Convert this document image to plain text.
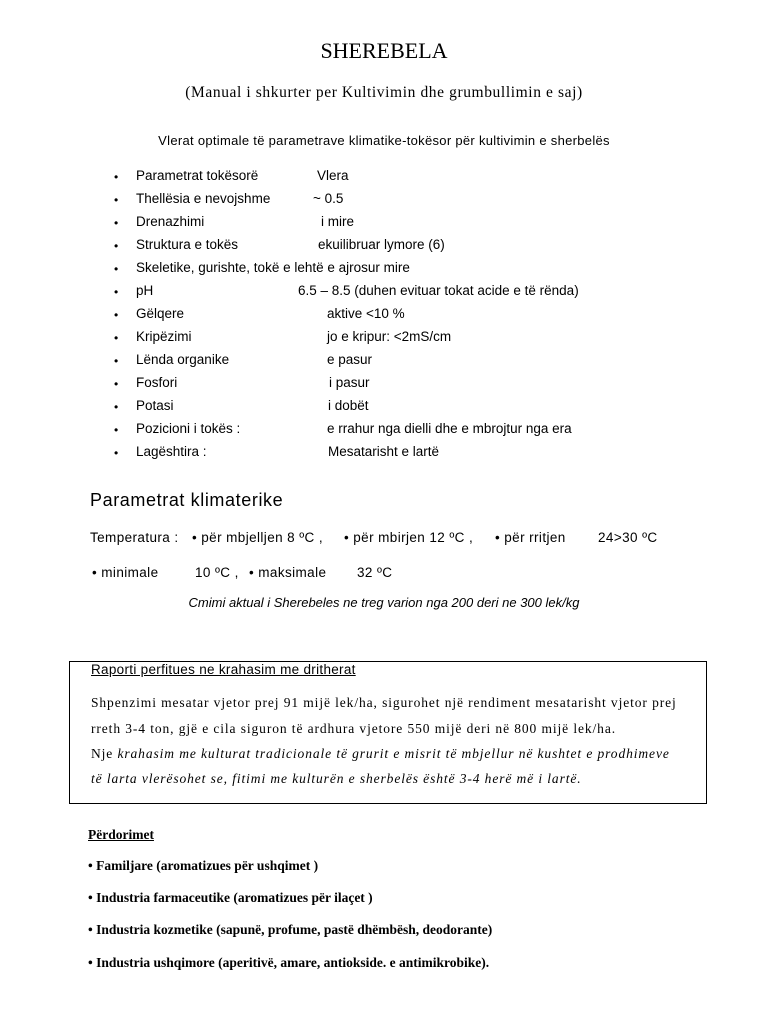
SHEREBELA
(Manual i shkurter per Kultivimin dhe grumbullimin e saj)
Vlerat optimale të parametrave klimatike-tokësor për kultivimin e sherbelës
• Parametrat tokësorë	Vlera
• Thellësia e nevojshme	~ 0.5
• Drenazhimi	i mire
• Struktura e tokës	ekuilibruar lymore (6)
• Skeletike, gurishte, tokë e lehtë e ajrosur mire
• pH	6.5 – 8.5 (duhen evituar tokat acide e të rënda)
• Gëlqere	aktive <10 %
• Kripëzimi	jo e kripur: <2mS/cm
• Lënda organike	e pasur
• Fosfori	i pasur
• Potasi	i dobët
• Pozicioni i tokës :	e rrahur nga dielli dhe e mbrojtur nga era
• Lagështira :	Mesatarisht e lartë
Parametrat klimaterike
Temperatura : • për mbjelljen 8 ºC , • për mbirjen 12 ºC , • për rritjen 24>30 ºC
• minimale	10 ºC , • maksimale 32 ºC
Cmimi aktual i Sherebeles ne treg varion nga 200 deri ne 300 lek/kg
Raporti perfitues ne krahasim me dritherat
Shpenzimi mesatar vjetor prej 91 mijë lek/ha, sigurohet një rendiment mesatarisht vjetor prej
rreth 3-4 ton, gjë e cila siguron të ardhura vjetore 550 mijë deri në 800 mijë lek/ha.
Nje krahasim me kulturat tradicionale të grurit e misrit të mbjellur në kushtet e prodhimeve
të larta vlerësohet se, fitimi me kulturën e sherbelës është 3-4 herë më i lartë.
Përdorimet
• Familjare (aromatizues për ushqimet )
• Industria farmaceutike (aromatizues për ilaçet )
• Industria kozmetike (sapunë, profume, pastë dhëmbësh, deodorante)
• Industria ushqimore (aperitivë, amare, antiokside. e antimikrobike).
